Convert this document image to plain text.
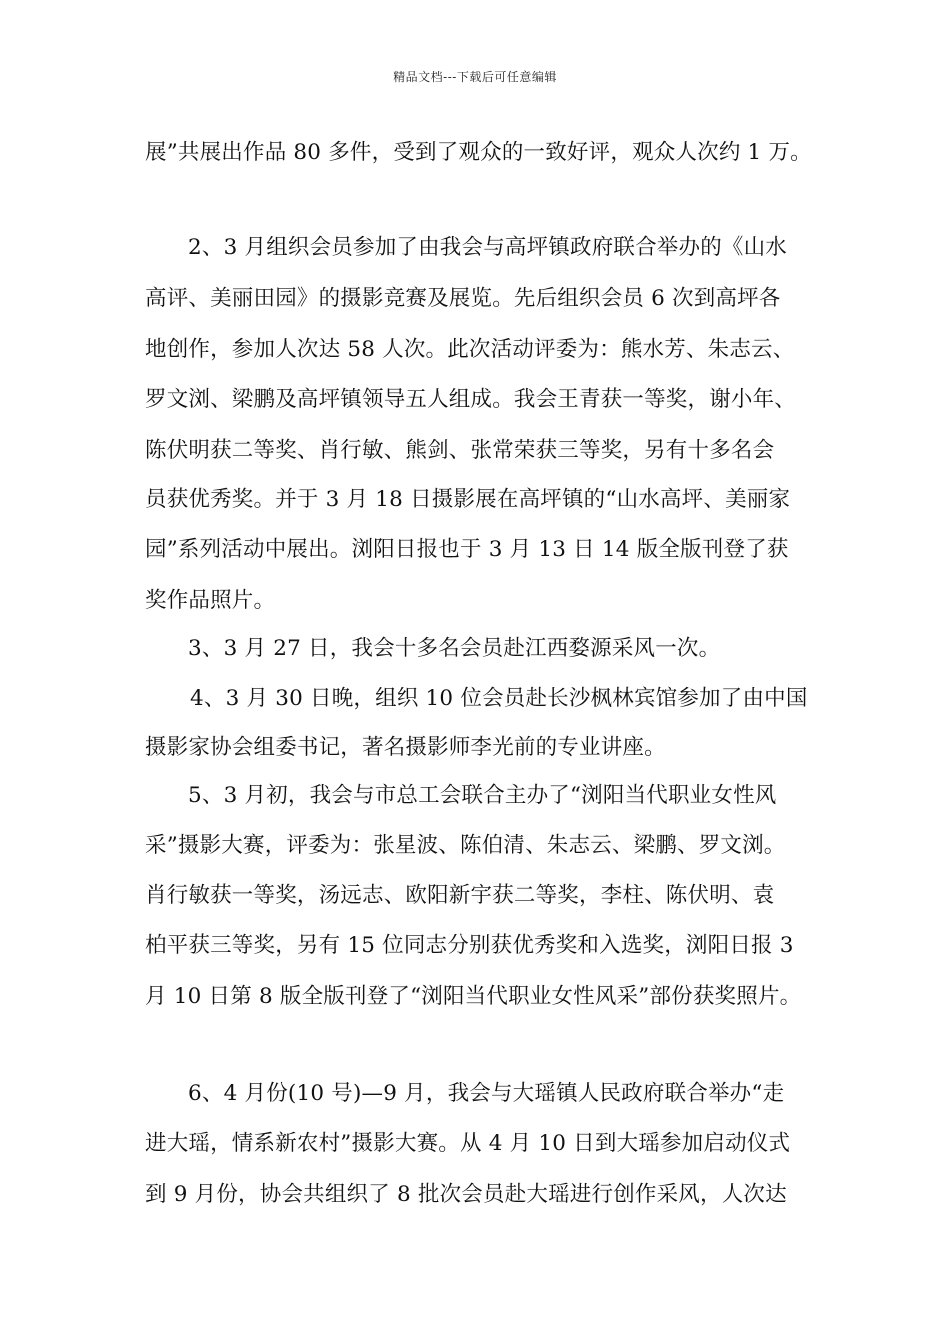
精品文档---下载后可任意编辑
展”共展出作品 80 多件，受到了观众的一致好评，观众人次约 1 万。
2、3 月组织会员参加了由我会与高坪镇政府联合举办的《山水
高评、美丽田园》的摄影竞赛及展览。先后组织会员 6 次到高坪各
地创作，参加人次达 58 人次。此次活动评委为：熊水芳、朱志云、
罗文浏、梁鹏及高坪镇领导五人组成。我会王青获一等奖，谢小年、
陈伏明获二等奖、肖行敏、熊剑、张常荣获三等奖，另有十多名会
员获优秀奖。并于 3 月 18 日摄影展在高坪镇的“山水高坪、美丽家
园”系列活动中展出。浏阳日报也于 3 月 13 日 14 版全版刊登了获
奖作品照片。
3、3 月 27 日，我会十多名会员赴江西婺源采风一次。
4、3 月 30 日晚，组织 10 位会员赴长沙枫林宾馆参加了由中国
摄影家协会组委书记，著名摄影师李光前的专业讲座。
5、3 月初，我会与市总工会联合主办了“浏阳当代职业女性风
采”摄影大赛，评委为：张星波、陈伯清、朱志云、梁鹏、罗文浏。
肖行敏获一等奖，汤远志、欧阳新宇获二等奖，李柱、陈伏明、袁
柏平获三等奖，另有 15 位同志分别获优秀奖和入选奖，浏阳日报 3
月 10 日第 8 版全版刊登了“浏阳当代职业女性风采”部份获奖照片。
6、4 月份(10 号)—9 月，我会与大瑶镇人民政府联合举办“走
进大瑶，情系新农村”摄影大赛。从 4 月 10 日到大瑶参加启动仪式
到 9 月份，协会共组织了 8 批次会员赴大瑶进行创作采风，人次达
